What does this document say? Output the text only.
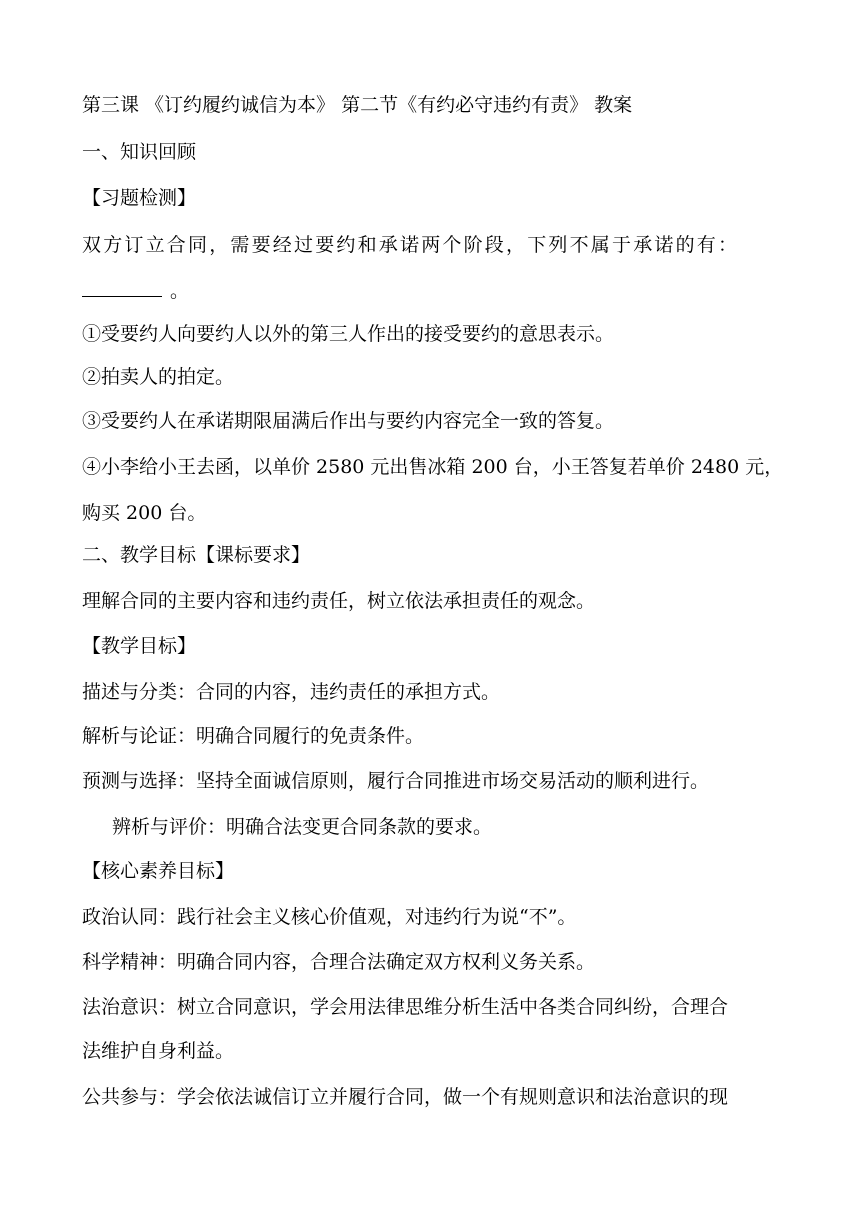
第三课 《订约履约诚信为本》 第二节《有约必守违约有责》 教案
一、知识回顾
【习题检测】
双方订立合同，需要经过要约和承诺两个阶段，下列不属于承诺的有：
。
①受要约人向要约人以外的第三人作出的接受要约的意思表示。
②拍卖人的拍定。
③受要约人在承诺期限届满后作出与要约内容完全一致的答复。
④小李给小王去函，以单价 2580 元出售冰箱 200 台，小王答复若单价 2480 元，
购买 200 台。
二、教学目标【课标要求】
理解合同的主要内容和违约责任，树立依法承担责任的观念。
【教学目标】
描述与分类：合同的内容，违约责任的承担方式。
解析与论证：明确合同履行的免责条件。
预测与选择：坚持全面诚信原则，履行合同推进市场交易活动的顺利进行。
辨析与评价：明确合法变更合同条款的要求。
【核心素养目标】
政治认同：践行社会主义核心价值观，对违约行为说“不”。
科学精神：明确合同内容，合理合法确定双方权利义务关系。
法治意识：树立合同意识，学会用法律思维分析生活中各类合同纠纷，合理合
法维护自身利益。
公共参与：学会依法诚信订立并履行合同，做一个有规则意识和法治意识的现
